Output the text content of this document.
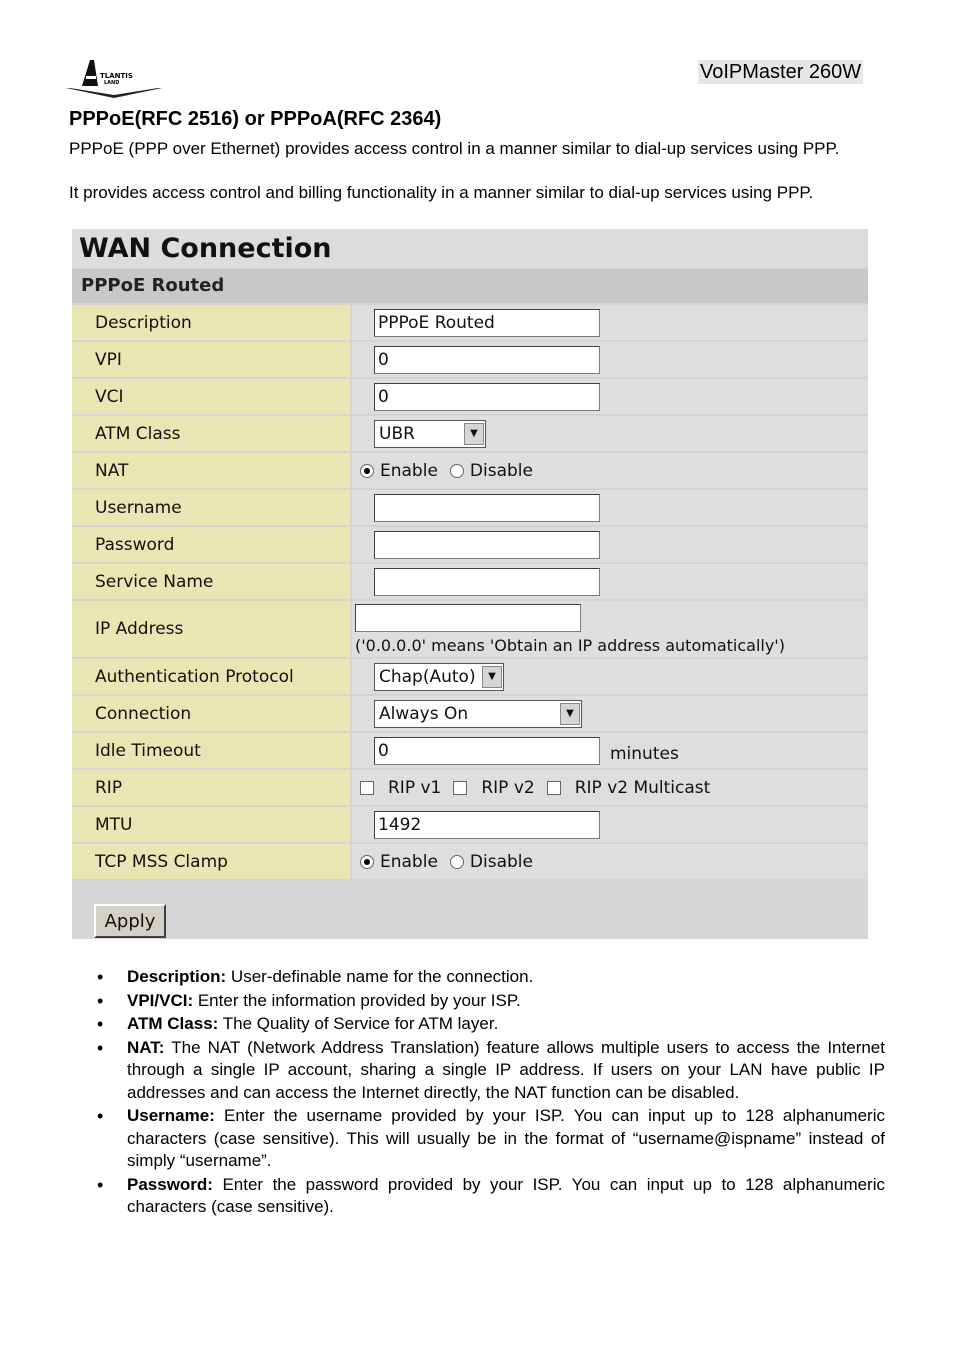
TLANTIS
LAND	VoIPMaster 260W
PPPoE(RFC 2516) or PPPoA(RFC 2364)
PPPoE (PPP over Ethernet) provides access control in a manner similar to dial-up services using PPP.
It provides access control and billing functionality in a manner similar to dial-up services using PPP.
WAN Connection
PPPoE Routed
Description	PPPoE Routed
VPI	0
VCI	0
ATM Class	UBR	▼
NAT	Enable Disable
Username
Password
Service Name
IP Address
('0.0.0.0' means 'Obtain an IP address automatically')
Authentication Protocol	Chap(Auto)	▼
Connection	Always On	▼
Idle Timeout	0	minutes
RIP	RIP v1 RIP v2 RIP v2 Multicast
MTU	1492
TCP MSS Clamp	Enable Disable
Apply
• Description: User-definable name for the connection.
• VPI/VCI: Enter the information provided by your ISP.
• ATM Class: The Quality of Service for ATM layer.
• NAT: The NAT (Network Address Translation) feature allows multiple users to access the Internet through a single IP account, sharing a single IP address. If users on your LAN have public IP addresses and can access the Internet directly, the NAT function can be disabled.
• Username: Enter the username provided by your ISP. You can input up to 128 alphanumeric characters (case sensitive). This will usually be in the format of “username@ispname” instead of simply “username”.
• Password: Enter the password provided by your ISP. You can input up to 128 alphanumeric characters (case sensitive).
